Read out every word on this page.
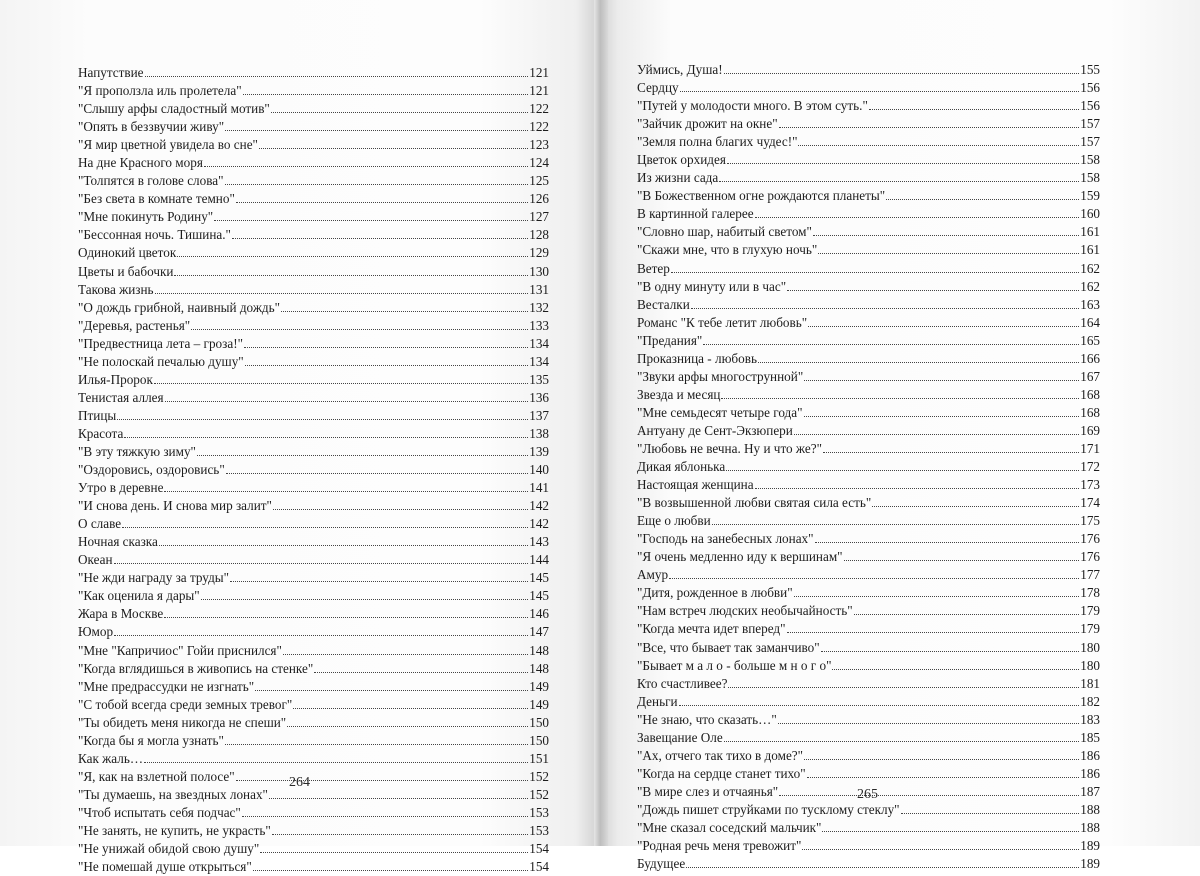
Напутствие	121
"Я проползла иль пролетела"	121
"Слышу арфы сладостный мотив"	122
"Опять в беззвучии живу"	122
"Я мир цветной увидела во сне"	123
На дне Красного моря	124
"Толпятся в голове слова"	125
"Без света в комнате темно"	126
"Мне покинуть Родину"	127
"Бессонная ночь. Тишина."	128
Одинокий цветок	129
Цветы и бабочки	130
Такова жизнь	131
"О дождь грибной, наивный дождь"	132
"Деревья, растенья"	133
"Предвестница лета – гроза!"	134
"Не полоскай печалью душу"	134
Илья-Пророк	135
Тенистая аллея	136
Птицы	137
Красота	138
"В эту тяжкую зиму"	139
"Оздоровись, оздоровись"	140
Утро в деревне	141
"И снова день. И снова мир залит"	142
О славе	142
Ночная сказка	143
Океан	144
"Не жди награду за труды"	145
"Как оценила я дары"	145
Жара в Москве	146
Юмор	147
"Мне "Капричиос" Гойи приснился"	148
"Когда вглядишься в живопись на стенке"	148
"Мне предрассудки не изгнать"	149
"С тобой всегда среди земных тревог"	149
"Ты обидеть меня никогда не спеши"	150
"Когда бы я могла узнать"	150
Как жаль…	151
"Я, как на взлетной полосе"	152
"Ты думаешь, на звездных лонах"	152
"Чтоб испытать себя подчас"	153
"Не занять, не купить, не украсть"	153
"Не унижай обидой свою душу"	154
"Не помешай душе открыться"	154
Уймись, Душа!	155
Сердцу	156
"Путей у молодости много. В этом суть."	156
"Зайчик дрожит на окне"	157
"Земля полна благих чудес!"	157
Цветок орхидея	158
Из жизни сада	158
"В Божественном огне рождаются планеты"	159
В картинной галерее	160
"Словно шар, набитый светом"	161
"Скажи мне, что в глухую ночь"	161
Ветер	162
"В одну минуту или в час"	162
Весталки	163
Романс "К тебе летит любовь"	164
"Предания"	165
Проказница - любовь	166
"Звуки арфы многострунной"	167
Звезда и месяц	168
"Мне семьдесят четыре года"	168
Антуану де Сент-Экзюпери	169
"Любовь не вечна. Ну и что же?"	171
Дикая яблонька	172
Настоящая женщина	173
"В возвышенной любви святая сила есть"	174
Еще о любви	175
"Господь на занебесных лонах"	176
"Я очень медленно иду к вершинам"	176
Амур	177
"Дитя, рожденное в любви"	178
"Нам встреч людских необычайность"	179
"Когда мечта идет вперед"	179
"Все, что бывает так заманчиво"	180
"Бывает м а л о - больше м н о г о"	180
Кто счастливее?	181
Деньги	182
"Не знаю, что сказать…"	183
Завещание Оле	185
"Ах, отчего так тихо в доме?"	186
"Когда на сердце станет тихо"	186
"В мире слез и отчаянья"	187
"Дождь пишет струйками по тусклому стеклу"	188
"Мне сказал соседский мальчик"	188
"Родная речь меня тревожит"	189
Будущее	189
264
265
